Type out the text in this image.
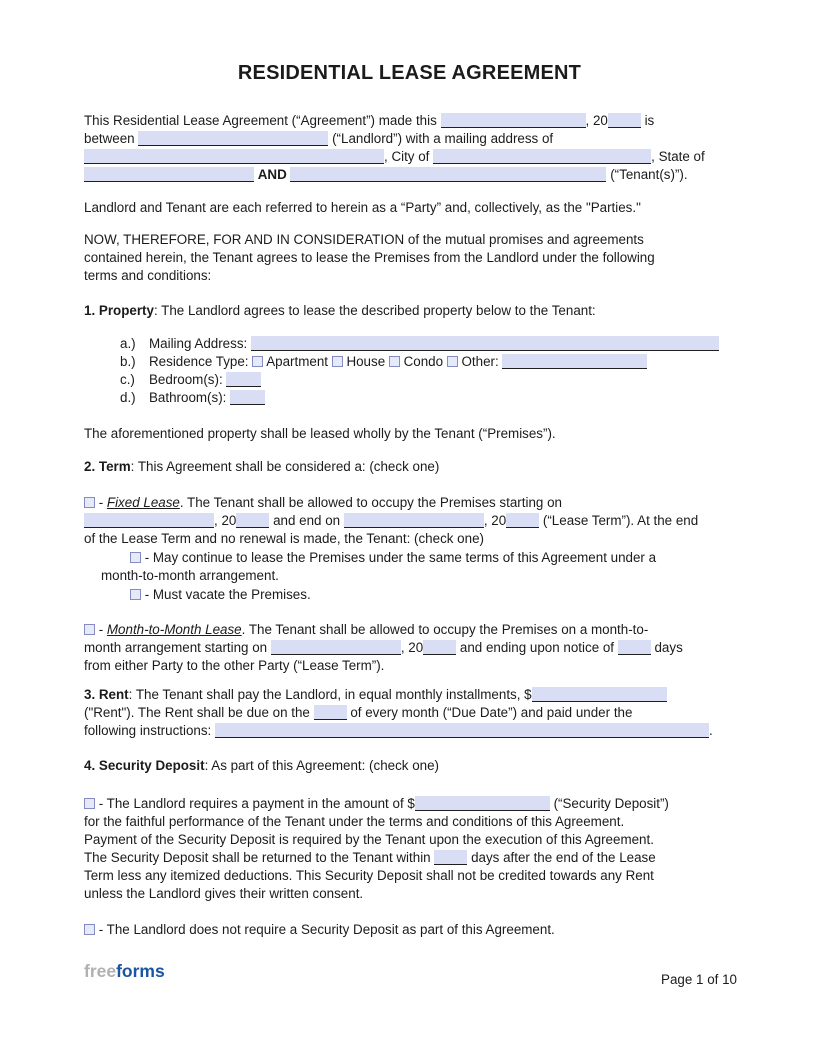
RESIDENTIAL LEASE AGREEMENT
This Residential Lease Agreement (“Agreement”) made this	, 20 is
between	(“Landlord”) with a mailing address of
, City of	, State of
AND	(“Tenant(s)”).
Landlord and Tenant are each referred to herein as a “Party” and, collectively, as the "Parties."
NOW, THEREFORE, FOR AND IN CONSIDERATION of the mutual promises and agreements
contained herein, the Tenant agrees to lease the Premises from the Landlord under the following
terms and conditions:
1. Property: The Landlord agrees to lease the described property below to the Tenant:
a.) Mailing Address:
b.) Residence Type:  Apartment  House  Condo  Other:
c.) Bedroom(s):
d.) Bathroom(s):
The aforementioned property shall be leased wholly by the Tenant (“Premises”).
2. Term: This Agreement shall be considered a: (check one)
- Fixed Lease. The Tenant shall be allowed to occupy the Premises starting on
, 20 and end on	, 20 (“Lease Term”). At the end
of the Lease Term and no renewal is made, the Tenant: (check one)
- May continue to lease the Premises under the same terms of this Agreement under a
month-to-month arrangement.
- Must vacate the Premises.
- Month-to-Month Lease. The Tenant shall be allowed to occupy the Premises on a month-to-
month arrangement starting on	, 20 and ending upon notice of  days
from either Party to the other Party (“Lease Term”).
3. Rent: The Tenant shall pay the Landlord, in equal monthly installments, $
("Rent"). The Rent shall be due on the  of every month (“Due Date”) and paid under the
following instructions:	.
4. Security Deposit: As part of this Agreement: (check one)
- The Landlord requires a payment in the amount of $	(“Security Deposit”)
for the faithful performance of the Tenant under the terms and conditions of this Agreement.
Payment of the Security Deposit is required by the Tenant upon the execution of this Agreement.
The Security Deposit shall be returned to the Tenant within  days after the end of the Lease
Term less any itemized deductions. This Security Deposit shall not be credited towards any Rent
unless the Landlord gives their written consent.
- The Landlord does not require a Security Deposit as part of this Agreement.
freeforms	Page 1 of 10
